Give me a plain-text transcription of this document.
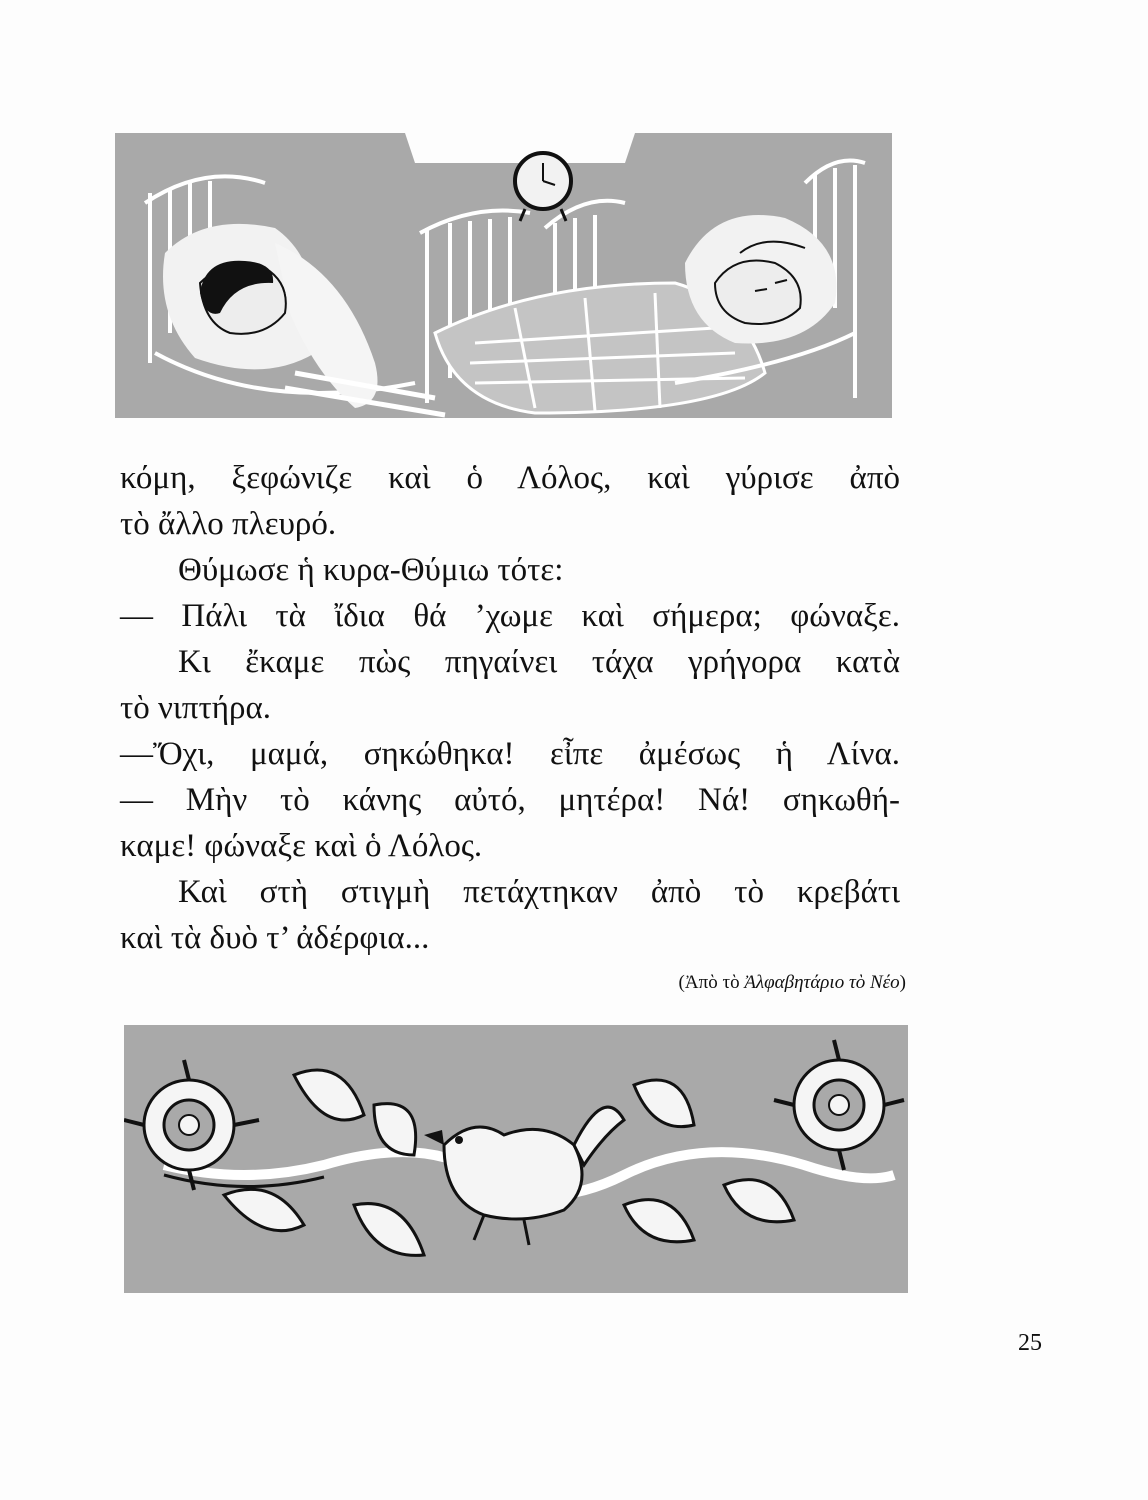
κόμη, ξεφώνιζε καὶ ὁ Λόλος, καὶ γύρισε ἀπὸ
τὸ ἄλλο πλευρό.
Θύμωσε ἡ κυρα-Θύμιω τότε:
— Πάλι τὰ ἴδια θά ’χωμε καὶ σήμερα; φώναξε.
Κι ἔκαμε πὼς πηγαίνει τάχα γρήγορα κατὰ
τὸ νιπτήρα.
—Ὄχι, μαμά, σηκώθηκα! εἶπε ἀμέσως ἡ Λίνα.
— Μὴν τὸ κάνης αὐτό, μητέρα! Νά! σηκωθή-
καμε! φώναξε καὶ ὁ Λόλος.
Καὶ στὴ στιγμὴ πετάχτηκαν ἀπὸ τὸ κρεβάτι
καὶ τὰ δυὸ τ’ ἀδέρφια...
(Ἀπὸ τὸ Ἀλφαβητάριο τὸ Νέο)
25
